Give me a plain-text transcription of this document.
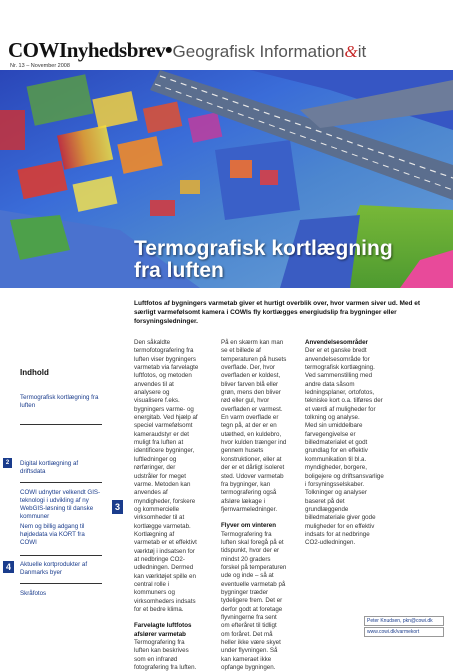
COWInyhedsbrev•Geografisk Information&it
Nr. 13 – November 2008
Termografisk kortlægning
fra luften
Luftfotos af bygningers varmetab giver et hurtigt overblik over, hvor varmen siver ud. Med et særligt varmefølsomt kamera i COWIs fly kortlægges energiudslip fra bygninger eller forsyningsledninger.
Indhold
Termografisk kortlægning fra luften
2	Digital kortlægning af driftsdata
COWI udnytter velkendt GIS-teknologi i udvikling af ny WebGIS-løsning til danske kommuner
3
Nem og billig adgang til højdedata via KORT fra COWI
4	Aktuelle kortprodukter af Danmarks byer
Skråfotos

Den såkaldte termofotografering fra luften viser bygningers varmetab via farvelagte luftfotos, og metoden anvendes til at analysere og visualisere f.eks. bygningers varme- og energitab. Ved hjælp af speciel varmefølsomt kameraudstyr er det muligt fra luften at identificere bygninger, luftledninger og rørføringer, der udstråler for meget varme. Metoden kan anvendes af myndigheder, forskere og kommercielle virksomheder til at kortlægge varmetab.

Kortlægning af varmetab er et effektivt værktøj i indsatsen for at nedbringe CO2-udledningen. Dermed kan værktøjet spille en central rolle i kommuners og virksomheders indsats for et bedre klima.

Farvelagte luftfotos afslører varmetab

Termografering fra luften kan beskrives som en infrarød fotografering fra luften.

På en skærm kan man se et billede af temperaturen på husets overflade. Der, hvor overfladen er koldest, bliver farven blå eller grøn, mens den bliver rød eller gul, hvor overfladen er varmest. En varm overflade er tegn på, at der er en utæthed, en kuldebro, hvor kulden trænger ind gennem husets konstruktioner, eller at der er et dårligt isoleret sted. Udover varmetab fra bygninger, kan termografering også afsløre lækage i fjernvarmeledninger.

Flyver om vinteren

Termografering fra luften skal foregå på et tidspunkt, hvor der er mindst 20 graders forskel på temperaturen ude og inde – så at eventuelle varmetab på bygninger træder tydeligere frem. Det er derfor godt at foretage flyvningerne fra sent om efteråret til tidligt om foråret. Det må heller ikke være skyet under flyvningen. Så kan kameraet ikke opfange bygningen.

Anvendelsesområder

Der er et ganske bredt anvendelsesområde for termografisk kortlægning. Ved sammenstilling med andre data såsom ledningsplaner, ortofotos, tekniske kort o.a. tilføres der et værdi af muligheder for tolkning og analyse.

Med sin umiddelbare farvegengivelse er billedmaterialet et godt grundlag for en effektiv kommunikation til bl.a. myndigheder, borgere, boligejere og driftsansvarlige i forsyningsselskaber. Tolkninger og analyser baseret på det grundlæggende billedmateriale giver gode muligheder for en effektiv indsats for at nedbringe CO2-udledningen.

Peter Knudsen, pkn@cowi.dk
www.cowi.dk/varmekort
